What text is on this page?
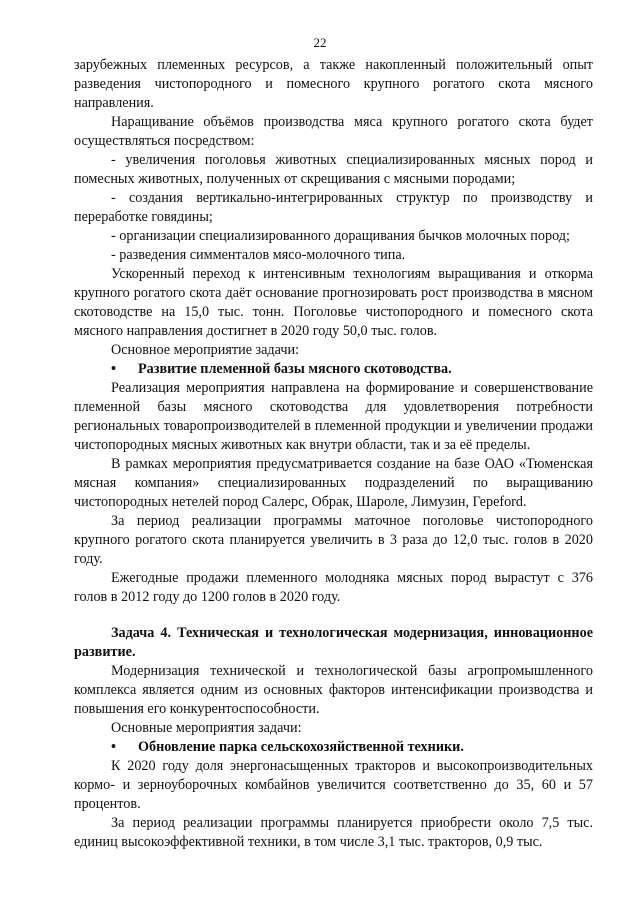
22

зарубежных племенных ресурсов, а также накопленный положительный опыт разведения чистопородного и помесного крупного рогатого скота мясного направления.

Наращивание объёмов производства мяса крупного рогатого скота будет осуществляться посредством:

- увеличения поголовья животных специализированных мясных пород и помесных животных, полученных от скрещивания с мясными породами;

- создания вертикально-интегрированных структур по производству и переработке говядины;

- организации специализированного доращивания бычков молочных пород;

- разведения симменталов мясо-молочного типа.

Ускоренный переход к интенсивным технологиям выращивания и откорма крупного рогатого скота даёт основание прогнозировать рост производства в мясном скотоводстве на 15,0 тыс. тонн. Поголовье чистопородного и помесного скота мясного направления достигнет в 2020 году 50,0 тыс. голов.

Основное мероприятие задачи:

• Развитие племенной базы мясного скотоводства.

Реализация мероприятия направлена на формирование и совершенствование племенной базы мясного скотоводства для удовлетворения потребности региональных товаропроизводителей в племенной продукции и увеличении продажи чистопородных мясных животных как внутри области, так и за её пределы.

В рамках мероприятия предусматривается создание на базе ОАО «Тюменская мясная компания» специализированных подразделений по выращиванию чистопородных нетелей пород Салерс, Обрак, Шароле, Лимузин, Гереford.

За период реализации программы маточное поголовье чистопородного крупного рогатого скота планируется увеличить в 3 раза до 12,0 тыс. голов в 2020 году.

Ежегодные продажи племенного молодняка мясных пород вырастут с 376 голов в 2012 году до 1200 голов в 2020 году.

Задача 4. Техническая и технологическая модернизация, инновационное развитие.

Модернизация технической и технологической базы агропромышленного комплекса является одним из основных факторов интенсификации производства и повышения его конкурентоспособности.

Основные мероприятия задачи:

• Обновление парка сельскохозяйственной техники.

К 2020 году доля энергонасыщенных тракторов и высокопроизводительных кормо- и зерноуборочных комбайнов увеличится соответственно до 35, 60 и 57 процентов.

За период реализации программы планируется приобрести около 7,5 тыс. единиц высокоэффективной техники, в том числе 3,1 тыс. тракторов, 0,9 тыс.
